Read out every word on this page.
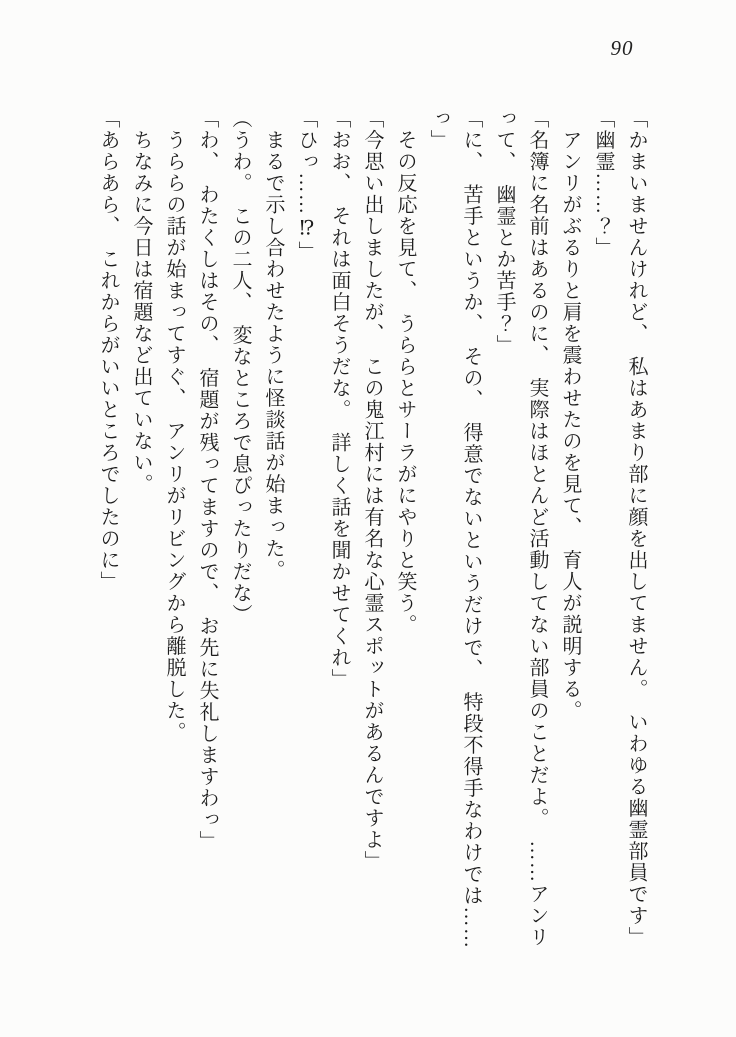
90
「かまいませんけれど、　私はあまり部に顔を出してません。　いわゆる幽霊部員です」
「幽霊……？」
　アンリがぶるりと肩を震わせたのを見て、　育人が説明する。
「名簿に名前はあるのに、　実際はほとんど活動してない部員のことだよ。　……アンリ
って、　幽霊とか苦手？」
「に、　苦手というか、　その、　得意でないというだけで、　特段不得手なわけでは……
っ」
　その反応を見て、　うららとサーラがにやりと笑う。
「今思い出しましたが、　この鬼江村には有名な心霊スポットがあるんですよ」
「おお、　それは面白そうだな。　詳しく話を聞かせてくれ」
「ひっ……⁉」
　まるで示し合わせたように怪談話が始まった。
（うわ。　この二人、　変なところで息ぴったりだな）
「わ、　わたくしはその、　宿題が残ってますので、　お先に失礼しますわっ」
　うららの話が始まってすぐ、　アンリがリビングから離脱した。
　ちなみに今日は宿題など出ていない。
「あらあら、　これからがいいところでしたのに」
